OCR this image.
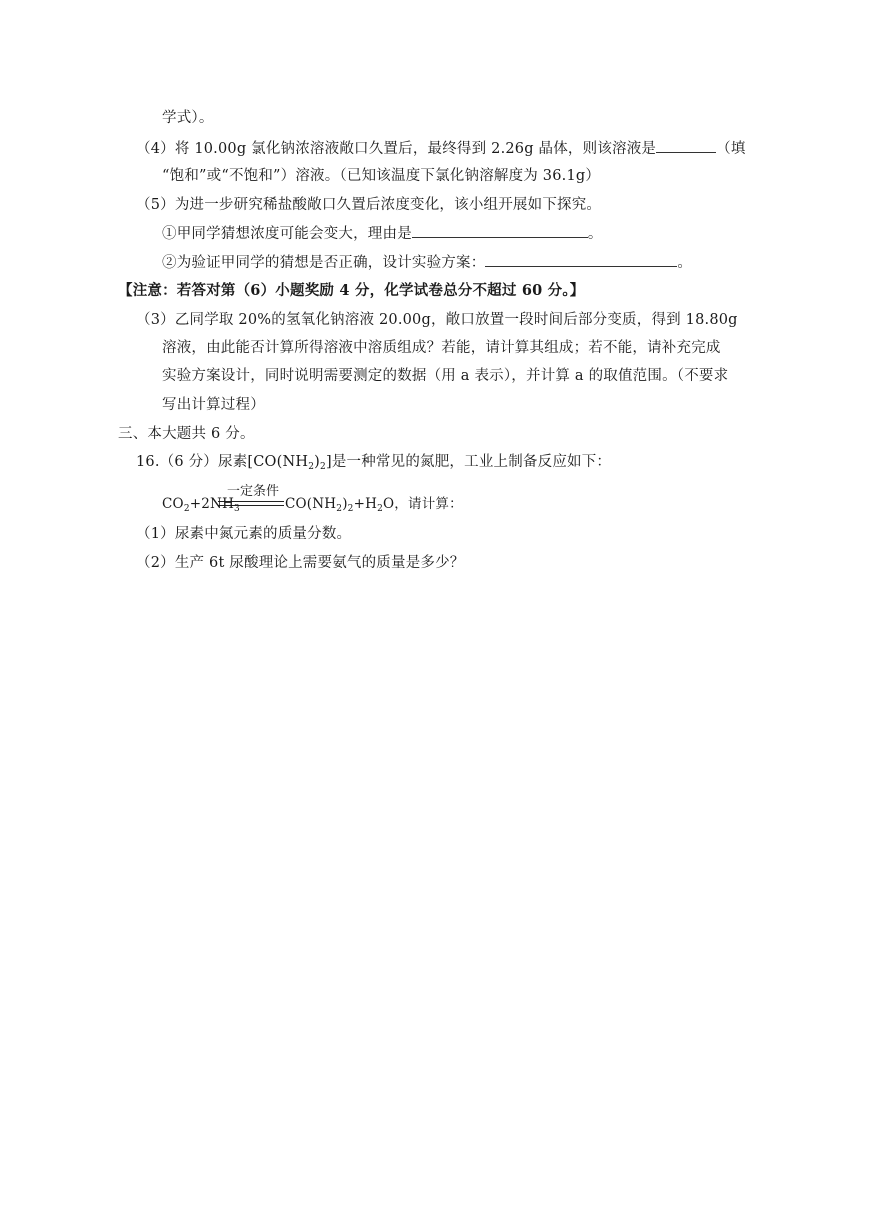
学式）。
（4）将 10.00g 氯化钠浓溶液敞口久置后，最终得到 2.26g 晶体，则该溶液是	（填
“饱和”或“不饱和”）溶液。（已知该温度下氯化钠溶解度为 36.1g）
（5）为进一步研究稀盐酸敞口久置后浓度变化，该小组开展如下探究。
①甲同学猜想浓度可能会变大，理由是	。
②为验证甲同学的猜想是否正确，设计实验方案：	。
【注意：若答对第（6）小题奖励 4 分，化学试卷总分不超过 60 分。】
（3）乙同学取 20%的氢氧化钠溶液 20.00g，敞口放置一段时间后部分变质，得到 18.80g
溶液，由此能否计算所得溶液中溶质组成？若能，请计算其组成；若不能，请补充完成
实验方案设计，同时说明需要测定的数据（用 a 表示），并计算 a 的取值范围。（不要求
写出计算过程）
三、本大题共 6 分。
16.（6 分）尿素$[CO(NH_2)_2]$是一种常见的氮肥，工业上制备反应如下：
一定条件
$CO_2+2NH_3$	$CO(NH_2)_2+H_2O$，请计算：
（1）尿素中氮元素的质量分数。
（2）生产 6t 尿酸理论上需要氨气的质量是多少？
